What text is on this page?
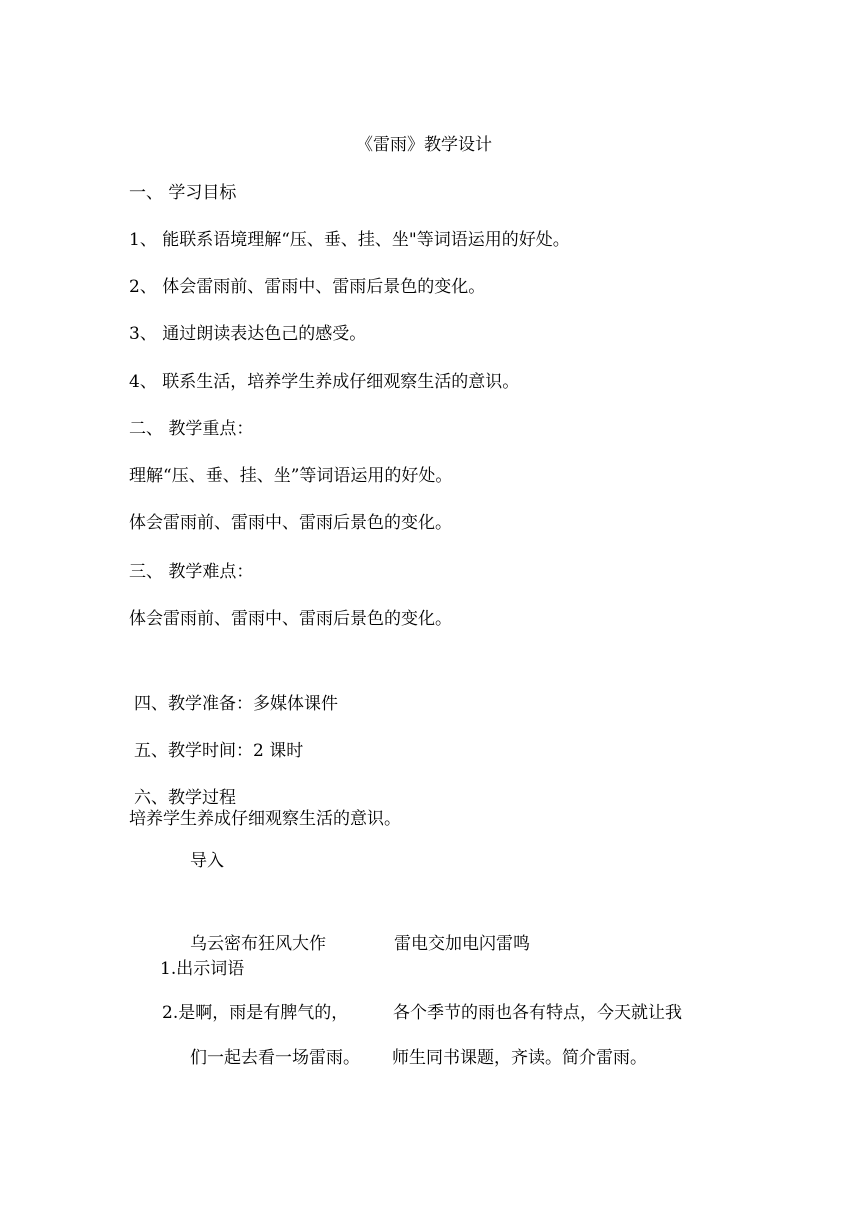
《雷雨》教学设计
一、 学习目标
1、 能联系语境理解“压、垂、挂、坐"等词语运用的好处。
2、 体会雷雨前、雷雨中、雷雨后景色的变化。
3、 通过朗读表达色己的感受。
4、 联系生活，培养学生养成仔细观察生活的意识。
二、 教学重点：
理解“压、垂、挂、坐”等词语运用的好处。
体会雷雨前、雷雨中、雷雨后景色的变化。
三、 教学难点：
体会雷雨前、雷雨中、雷雨后景色的变化。
四、教学准备：多媒体课件
五、教学时间：2 课时
六、教学过程
培养学生养成仔细观察生活的意识。
导入
乌云密布狂风大作	雷电交加电闪雷鸣
1.出示词语
2.是啊，雨是有脾气的，	各个季节的雨也各有特点，今天就让我
们一起去看一场雷雨。 师生同书课题，齐读。简介雷雨。
